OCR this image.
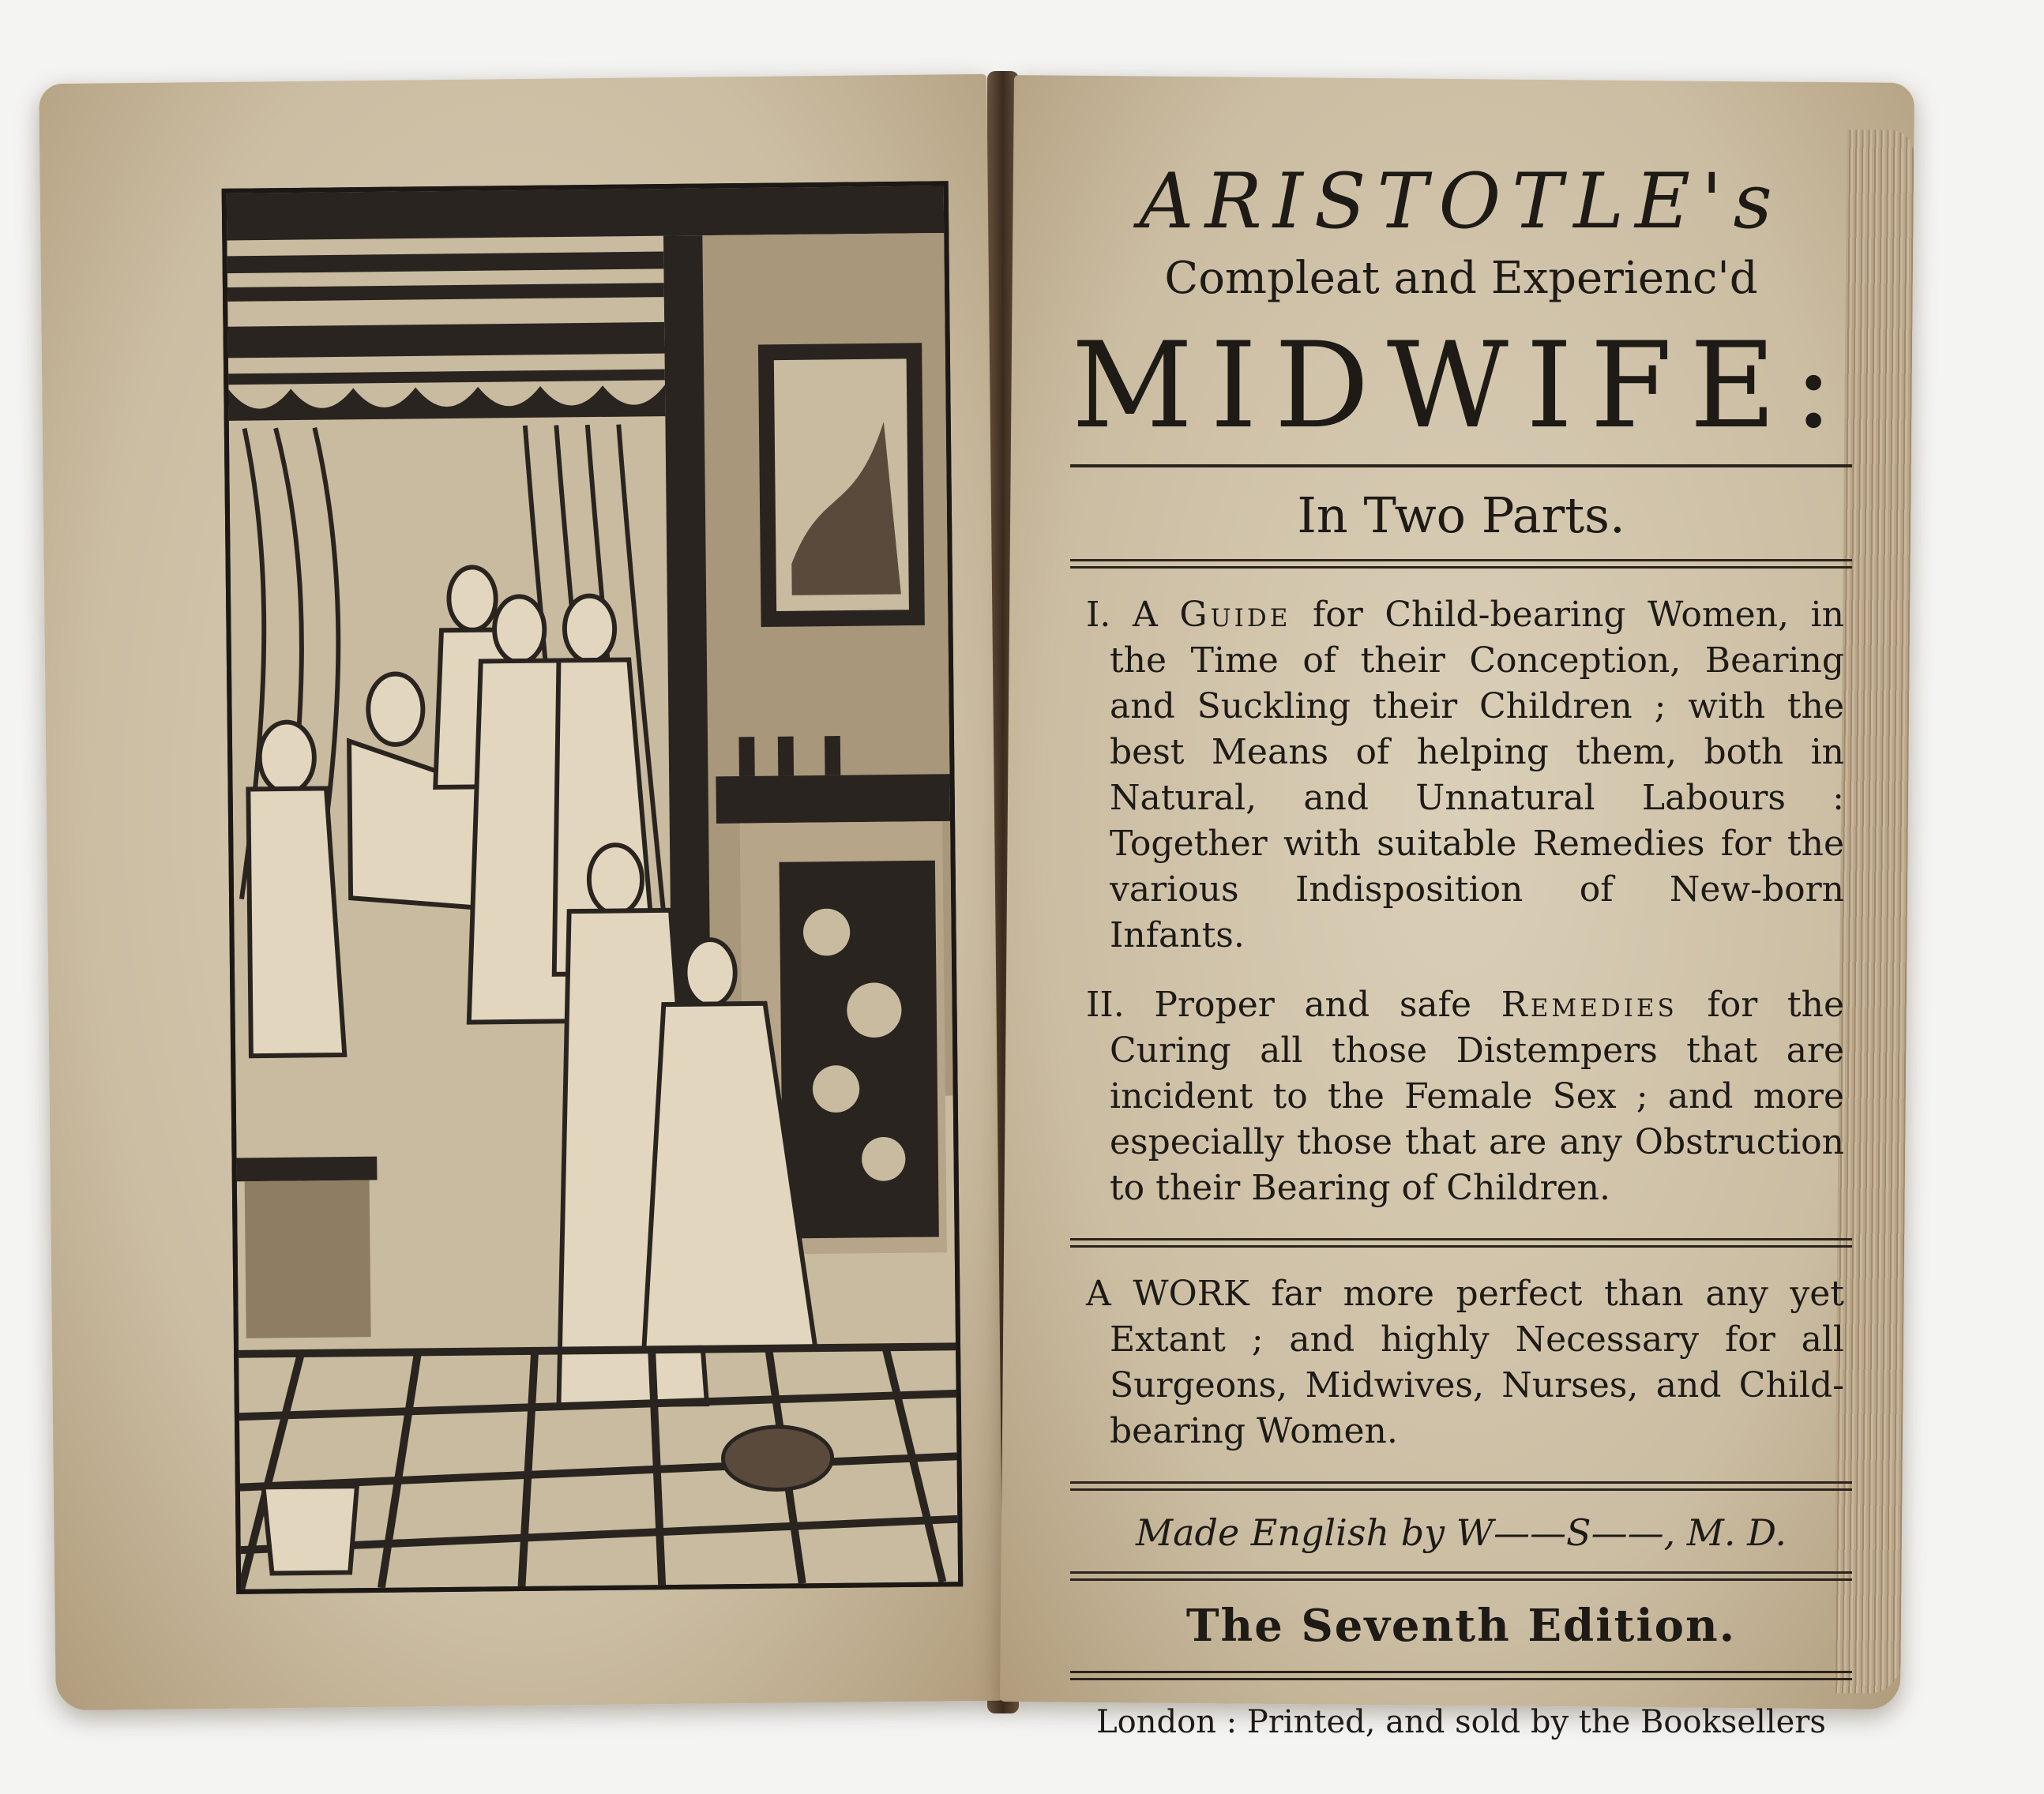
ARISTOTLE's
Compleat and Experienc'd
MIDWIFE:
In Two Parts.
I. A Guide for Child-bearing Women, in the Time of their Conception, Bearing and Suckling their Children ; with the best Means of helping them, both in Natural, and Unnatural Labours : Together with suitable Remedies for the various Indisposition of New-born Infants.
II. Proper and safe Remedies for the Curing all those Distempers that are incident to the Female Sex ; and more especially those that are any Obstruction to their Bearing of Children.
A WORK far more perfect than any yet Extant ; and highly Necessary for all Surgeons, Midwives, Nurses, and Child-bearing Women.
Made English by W——S——, M. D.
The Seventh Edition.
London : Printed, and sold by the Booksellers
